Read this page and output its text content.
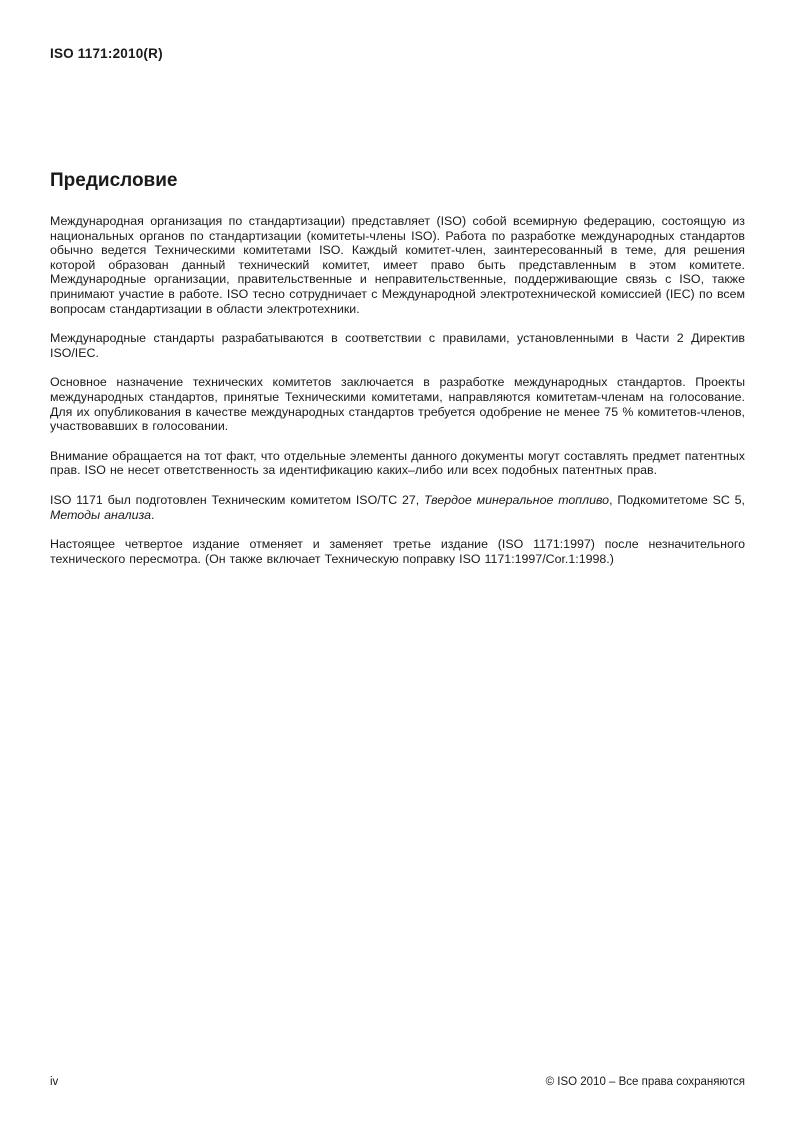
ISO 1171:2010(R)
Предисловие

Международная организация по стандартизации) представляет (ISO) собой всемирную федерацию, состоящую из национальных органов по стандартизации (комитеты-члены ISO). Работа по разработке международных стандартов обычно ведется Техническими комитетами ISO. Каждый комитет-член, заинтересованный в теме, для решения которой образован данный технический комитет, имеет право быть представленным в этом комитете. Международные организации, правительственные и неправительственные, поддерживающие связь с ISO, также принимают участие в работе. ISO тесно сотрудничает с Международной электротехнической комиссией (IEC) по всем вопросам стандартизации в области электротехники.

Международные стандарты разрабатываются в соответствии с правилами, установленными в Части 2 Директив ISO/IEC.

Основное назначение технических комитетов заключается в разработке международных стандартов. Проекты международных стандартов, принятые Техническими комитетами, направляются комитетам-членам на голосование. Для их опубликования в качестве международных стандартов требуется одобрение не менее 75 % комитетов-членов, участвовавших в голосовании.

Внимание обращается на тот факт, что отдельные элементы данного документы могут составлять предмет патентных прав. ISO не несет ответственность за идентификацию каких–либо или всех подобных патентных прав.

ISO 1171 был подготовлен Техническим комитетом ISO/TC 27, Твердое минеральное топливо, Подкомитетоме SC 5, Методы анализа.

Настоящее четвертое издание отменяет и заменяет третье издание (ISO 1171:1997) после незначительного технического пересмотра. (Он также включает Техническую поправку ISO 1171:1997/Cor.1:1998.)

iv	© ISO 2010 – Все права сохраняются
